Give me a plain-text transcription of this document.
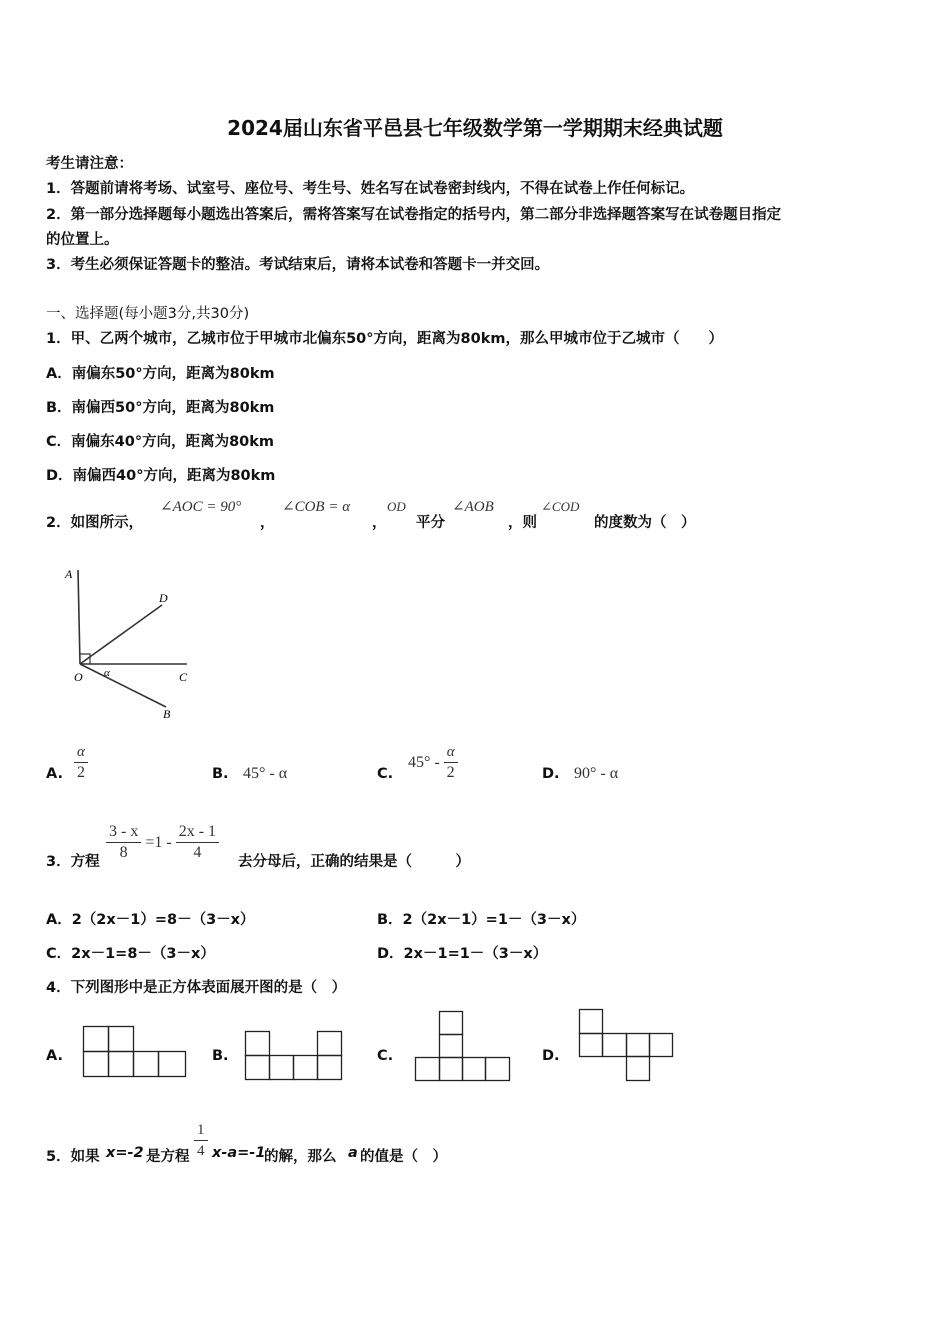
2024届山东省平邑县七年级数学第一学期期末经典试题
考生请注意：
1．答题前请将考场、试室号、座位号、考生号、姓名写在试卷密封线内，不得在试卷上作任何标记。
2．第一部分选择题每小题选出答案后，需将答案写在试卷指定的括号内，第二部分非选择题答案写在试卷题目指定
的位置上。
3．考生必须保证答题卡的整洁。考试结束后，请将本试卷和答题卡一并交回。
一、选择题(每小题3分,共30分)
1．甲、乙两个城市，乙城市位于甲城市北偏东50°方向，距离为80km，那么甲城市位于乙城市（　　）
A．南偏东50°方向，距离为80km
B．南偏西50°方向，距离为80km
C．南偏东40°方向，距离为80km
D．南偏西40°方向，距离为80km
2．如图所示，
∠AOC = 90°
，
∠COB = α
，
OD
平分
∠AOB
，则
∠COD
的度数为（　）
A
D
O α	C
B
A. $\frac{\alpha}{2}$	B. 45° - α	C.
$45^\circ - \frac{\alpha}{2}$	D. 90° - α
3．方程 $\frac{3 - x}{8} =1 - \frac{2x - 1}{4}$ 去分母后，正确的结果是（　　　）
A．2（2x－1）=8－（3－x）	B．2（2x－1）=1－（3－x）
C．2x－1=8－（3－x）	D．2x－1=1－（3－x）
4．下列图形中是正方体表面展开图的是（　）
A.	B.	C.	D.
5．如果 x=-2 是方程 $\frac{1}{4} x-a=-1$
的解，那么 a 的值是（　）
